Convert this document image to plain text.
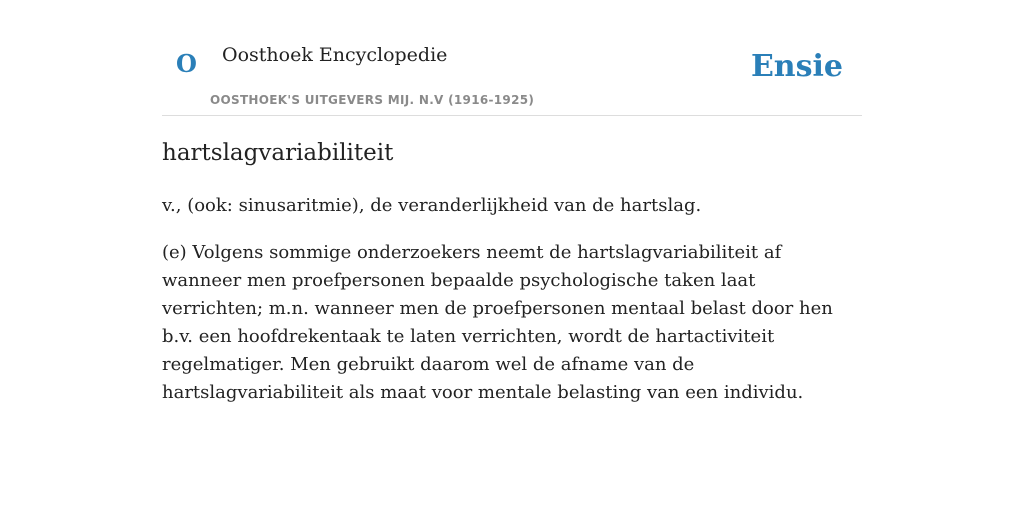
O Oosthoek Encyclopedie
OOSTHOEK'S UITGEVERS MIJ. N.V (1916-1925)
Ensie
hartslagvariabiliteit

v., (ook: sinusaritmie), de veranderlijkheid van de hartslag.

(e) Volgens sommige onderzoekers neemt de hartslagvariabiliteit af wanneer men proefpersonen bepaalde psychologische taken laat verrichten; m.n. wanneer men de proefpersonen mentaal belast door hen b.v. een hoofdrekentaak te laten verrichten, wordt de hartactiviteit regelmatiger. Men gebruikt daarom wel de afname van de hartslagvariabiliteit als maat voor mentale belasting van een individu.
